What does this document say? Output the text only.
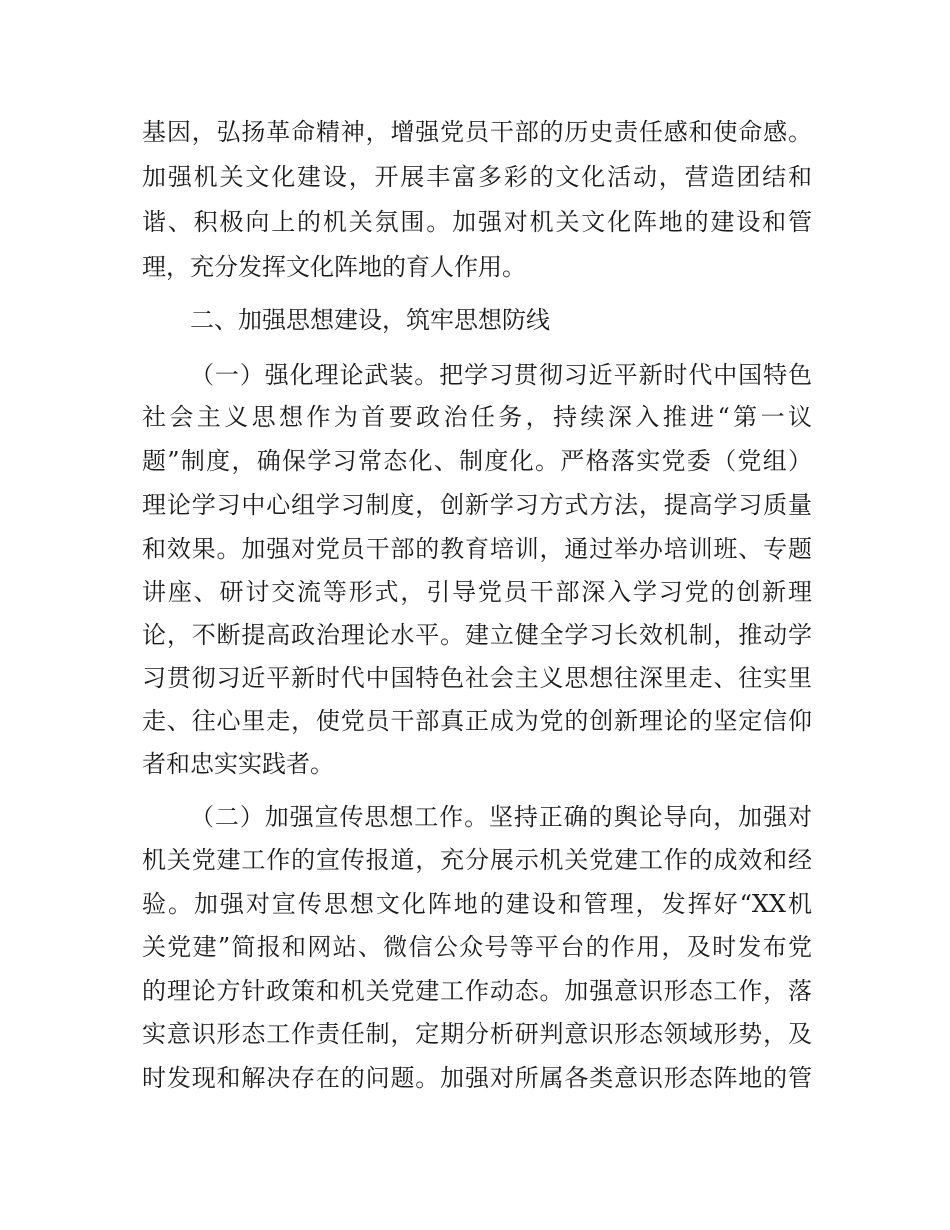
基因，弘扬革命精神，增强党员干部的历史责任感和使命感。
加强机关文化建设，开展丰富多彩的文化活动，营造团结和
谐、积极向上的机关氛围。加强对机关文化阵地的建设和管
理，充分发挥文化阵地的育人作用。
二、加强思想建设，筑牢思想防线
（一）强化理论武装。把学习贯彻习近平新时代中国特色
社会主义思想作为首要政治任务，持续深入推进“第一议
题”制度，确保学习常态化、制度化。严格落实党委（党组）
理论学习中心组学习制度，创新学习方式方法，提高学习质量
和效果。加强对党员干部的教育培训，通过举办培训班、专题
讲座、研讨交流等形式，引导党员干部深入学习党的创新理
论，不断提高政治理论水平。建立健全学习长效机制，推动学
习贯彻习近平新时代中国特色社会主义思想往深里走、往实里
走、往心里走，使党员干部真正成为党的创新理论的坚定信仰
者和忠实实践者。
（二）加强宣传思想工作。坚持正确的舆论导向，加强对
机关党建工作的宣传报道，充分展示机关党建工作的成效和经
验。加强对宣传思想文化阵地的建设和管理，发挥好“XX机
关党建”简报和网站、微信公众号等平台的作用，及时发布党
的理论方针政策和机关党建工作动态。加强意识形态工作，落
实意识形态工作责任制，定期分析研判意识形态领域形势，及
时发现和解决存在的问题。加强对所属各类意识形态阵地的管
